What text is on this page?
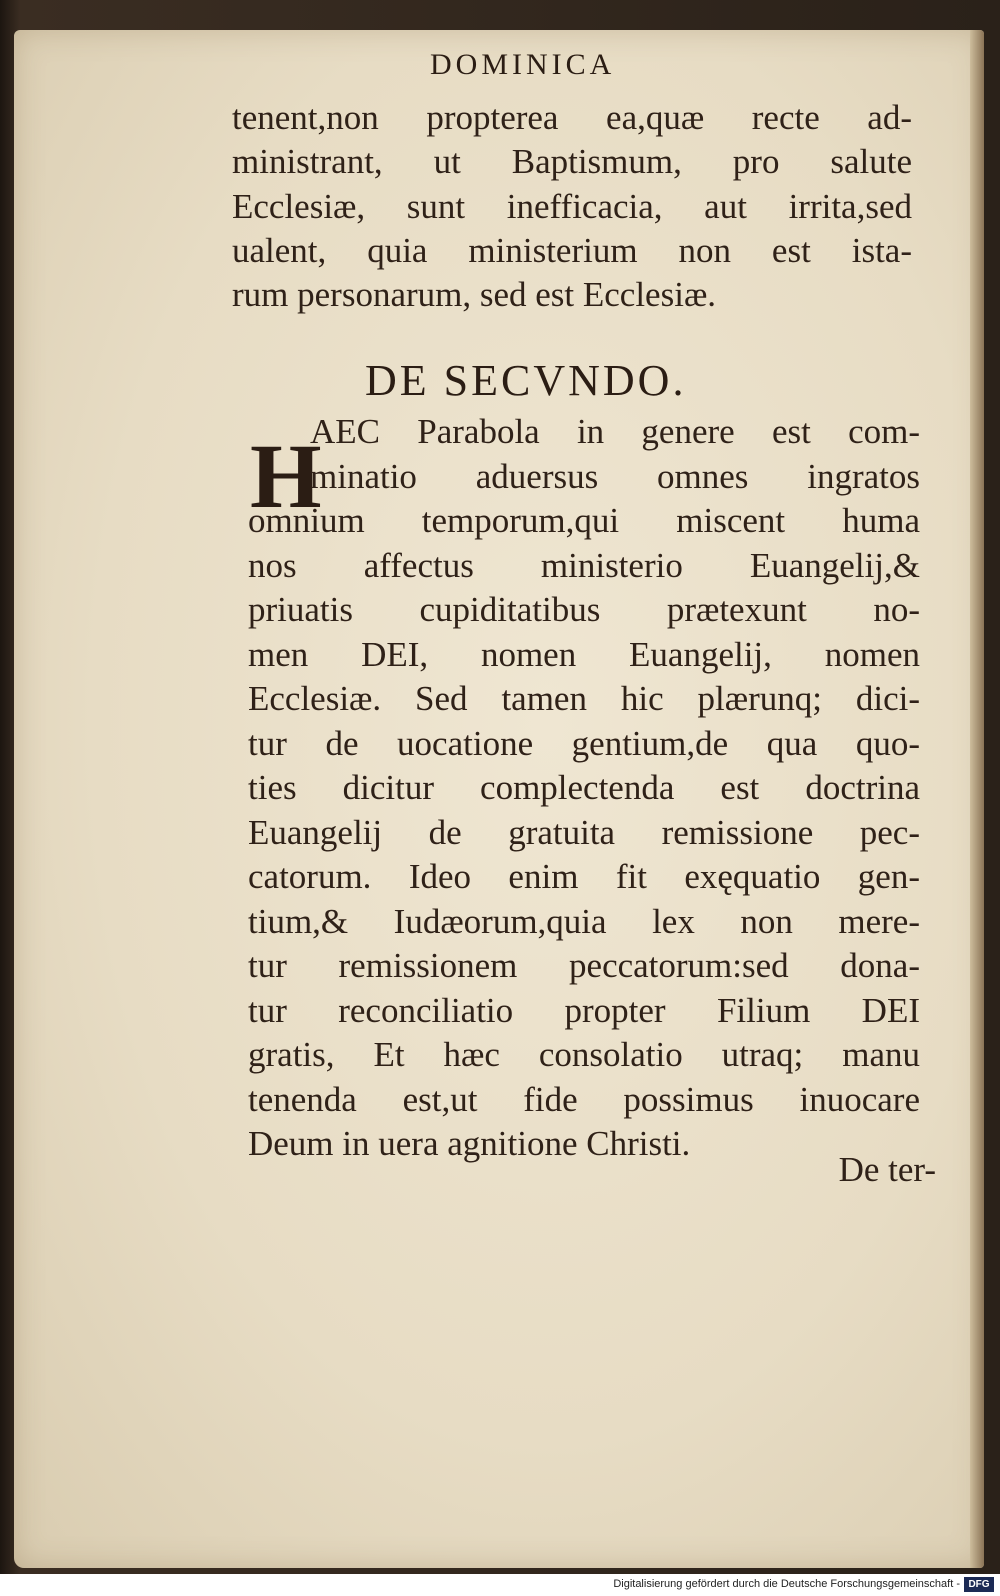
DOMINICA
tenent,non propterea ea,quæ recte ad-
ministrant, ut Baptismum, pro salute
Ecclesiæ, sunt inefficacia, aut irrita,sed
ualent, quia ministerium non est ista-
rum personarum, sed est Ecclesiæ.
DE SECVNDO.
H
AEC Parabola in genere est com-
minatio aduersus omnes ingratos
omnium temporum,qui miscent huma
nos affectus ministerio Euangelij,&
priuatis cupiditatibus prætexunt no-
men DEI, nomen Euangelij, nomen
Ecclesiæ. Sed tamen hic plærunq; dici-
tur de uocatione gentium,de qua quo-
ties dicitur complectenda est doctrina
Euangelij de gratuita remissione pec-
catorum. Ideo enim fit exęquatio gen-
tium,& Iudæorum,quia lex non mere-
tur remissionem peccatorum:sed dona-
tur reconciliatio propter Filium DEI
gratis, Et hæc consolatio utraq; manu
tenenda est,ut fide possimus inuocare
Deum in uera agnitione Christi.
De ter-
Digitalisierung gefördert durch die Deutsche Forschungsgemeinschaft - DFG
